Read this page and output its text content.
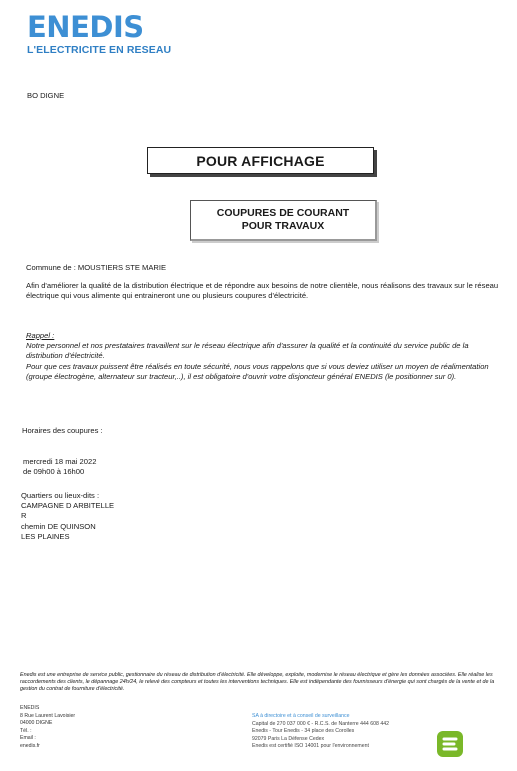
ENEDIS
L'ELECTRICITE EN RESEAU
BO DIGNE
POUR AFFICHAGE
COUPURES DE COURANT
POUR TRAVAUX
Commune de : MOUSTIERS STE MARIE
Afin d'améliorer la qualité de la distribution électrique et de répondre aux besoins de notre clientèle, nous réalisons des travaux sur le réseau électrique qui vous alimente qui entraineront une ou plusieurs coupures d'électricité.
Rappel :
Notre personnel et nos prestataires travaillent sur le réseau électrique afin d'assurer la qualité et la continuité du service public de la distribution d'électricité.
Pour que ces travaux puissent être réalisés en toute sécurité, nous vous rappelons que si vous deviez utiliser un moyen de réalimentation (groupe électrogène, alternateur sur tracteur,..), il est obligatoire d'ouvrir votre disjoncteur général ENEDIS (le positionner sur 0).
Horaires des coupures :
mercredi 18 mai 2022
de 09h00 à 16h00
Quartiers ou lieux-dits :
CAMPAGNE D ARBITELLE
R
chemin DE QUINSON
LES PLAINES
Enedis est une entreprise de service public, gestionnaire du réseau de distribution d'électricité. Elle développe, exploite, modernise le réseau électrique et gère les données associées. Elle réalise les raccordements des clients, le dépannage 24h/24, le relevé des compteurs et toutes les interventions techniques. Elle est indépendante des fournisseurs d'énergie qui sont chargés de la vente et de la gestion du contrat de fourniture d'électricité.
ENEDIS
8 Rue Laurent Lavoisier
04000 DIGNE
Tél. :
Email :
enedis.fr
SA à directoire et à conseil de surveillance
Capital de 270 037 000 € - R.C.S. de Nanterre 444 608 442
Enedis - Tour Enedis - 34 place des Corolles
92079 Paris La Défense Cedex
Enedis est certifié ISO 14001 pour l'environnement
